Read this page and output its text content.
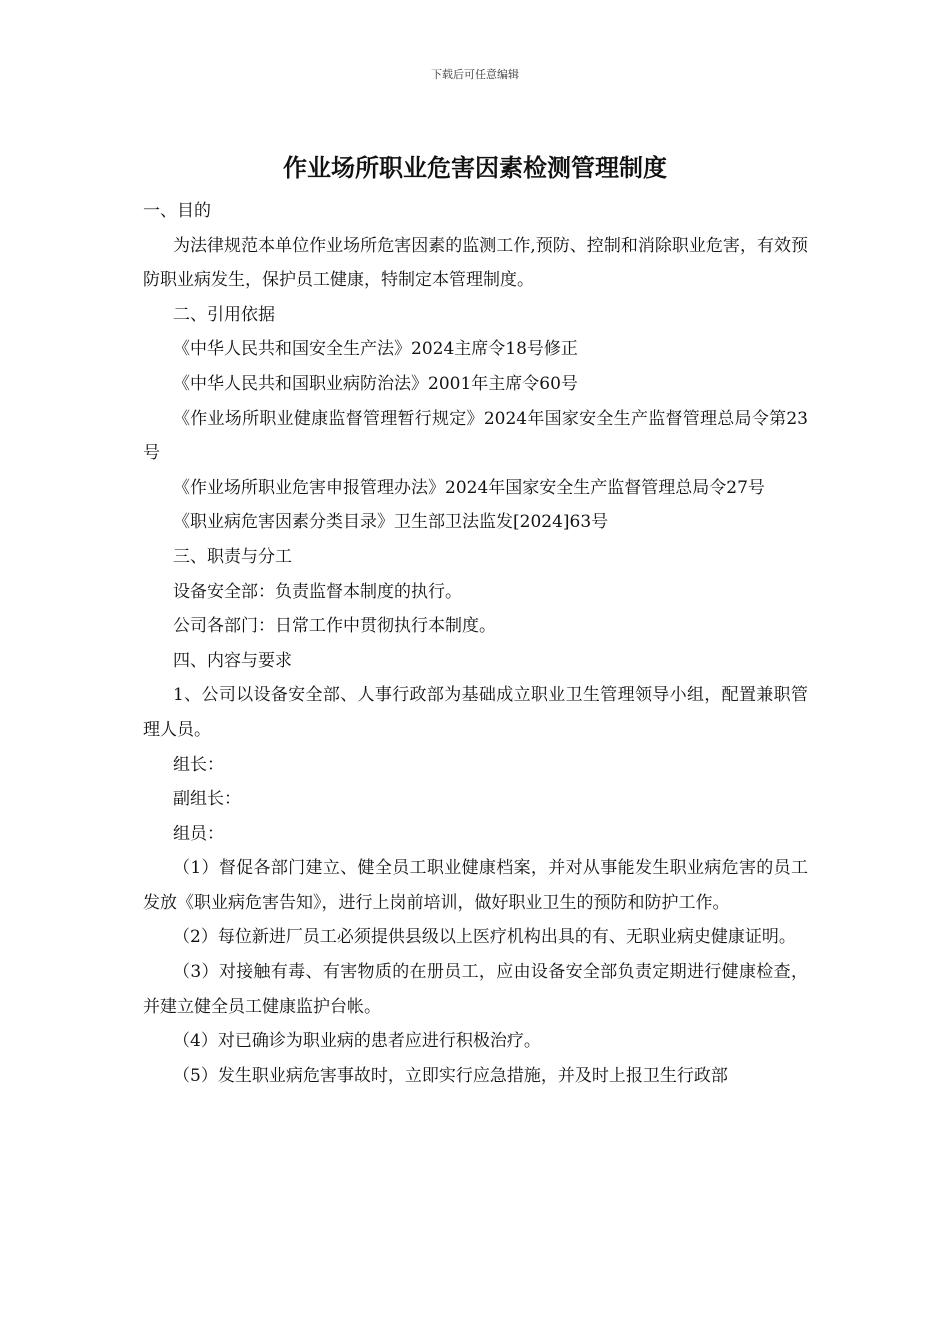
下载后可任意编辑
作业场所职业危害因素检测管理制度

一、目的

为法律规范本单位作业场所危害因素的监测工作,预防、控制和消除职业危害，有效预防职业病发生，保护员工健康，特制定本管理制度。

二、引用依据

《中华人民共和国安全生产法》2024主席令18号修正

《中华人民共和国职业病防治法》2001年主席令60号

《作业场所职业健康监督管理暂行规定》2024年国家安全生产监督管理总局令第23号

《作业场所职业危害申报管理办法》2024年国家安全生产监督管理总局令27号

《职业病危害因素分类目录》卫生部卫法监发[2024]63号

三、职责与分工

设备安全部：负责监督本制度的执行。

公司各部门：日常工作中贯彻执行本制度。

四、内容与要求

1、公司以设备安全部、人事行政部为基础成立职业卫生管理领导小组，配置兼职管理人员。

组长：

副组长：

组员：

（1）督促各部门建立、健全员工职业健康档案，并对从事能发生职业病危害的员工发放《职业病危害告知》，进行上岗前培训，做好职业卫生的预防和防护工作。

（2）每位新进厂员工必须提供县级以上医疗机构出具的有、无职业病史健康证明。

（3）对接触有毒、有害物质的在册员工，应由设备安全部负责定期进行健康检查，并建立健全员工健康监护台帐。

（4）对已确诊为职业病的患者应进行积极治疗。

（5）发生职业病危害事故时，立即实行应急措施，并及时上报卫生行政部
